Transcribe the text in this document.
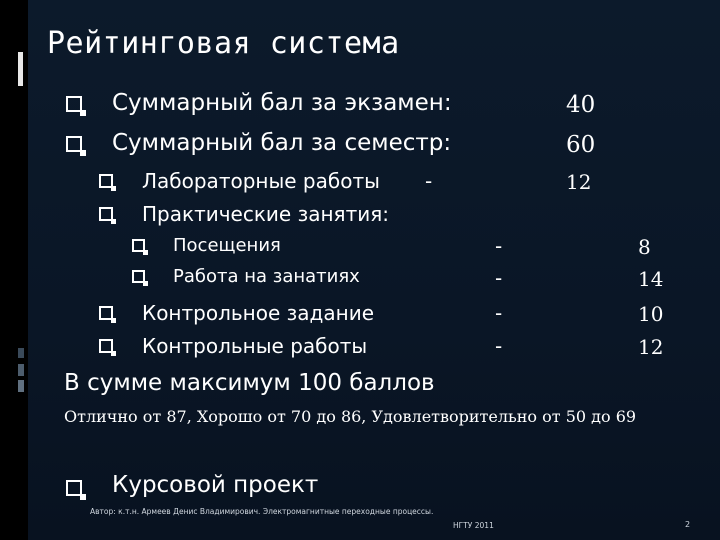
Рейтинговая система
Суммарный бал за экзамен:	40
Суммарный бал за семестр:	60
Лабораторные работы -	12
Практические занятия:
Посещения	-	8
Работа на занатиях	-	14
Контрольное задание	-	10
Контрольные работы	-	12
В сумме максимум 100 баллов
Отлично от 87, Хорошо от 70 до 86, Удовлетворительно от 50 до 69
Курсовой проект
Автор: к.т.н. Армеев Денис Владимирович. Электромагнитные переходные процессы.
НГТУ 2011	2
